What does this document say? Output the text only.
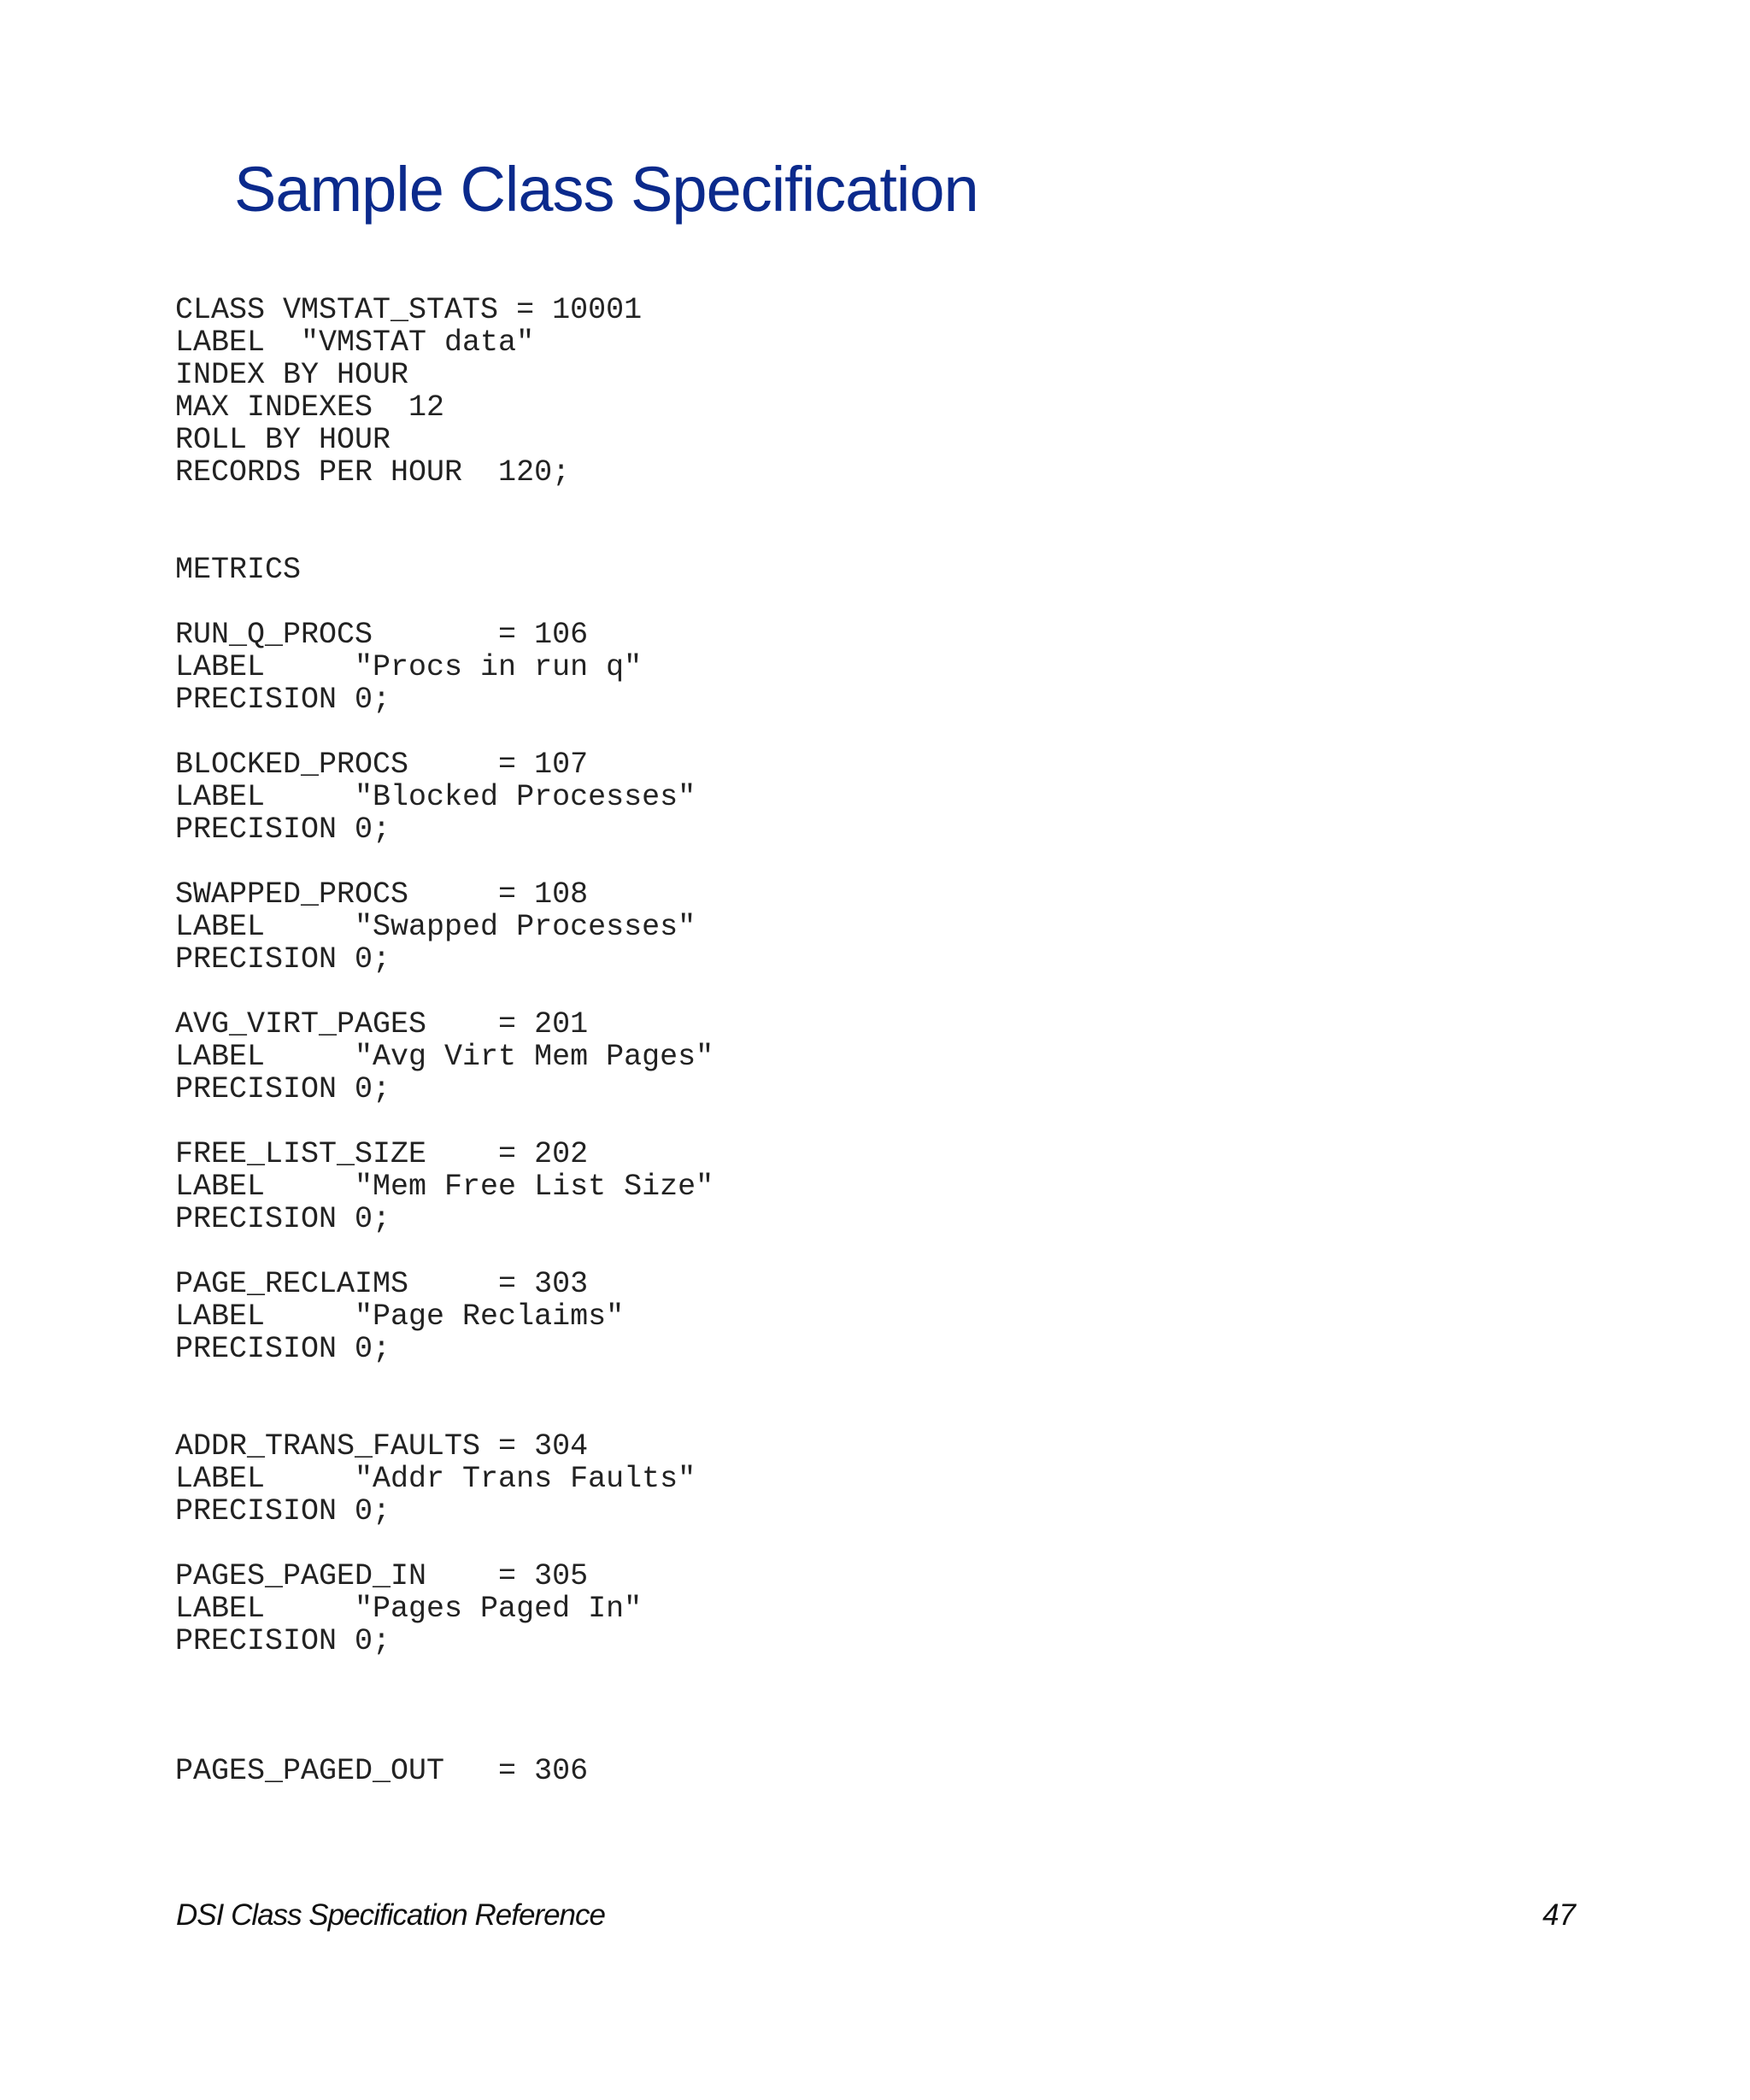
Sample Class Specification
CLASS VMSTAT_STATS = 10001
LABEL  "VMSTAT data"
INDEX BY HOUR
MAX INDEXES  12
ROLL BY HOUR
RECORDS PER HOUR  120;
METRICS
RUN_Q_PROCS       = 106
LABEL     "Procs in run q"
PRECISION 0;
BLOCKED_PROCS     = 107
LABEL     "Blocked Processes"
PRECISION 0;
SWAPPED_PROCS     = 108
LABEL     "Swapped Processes"
PRECISION 0;
AVG_VIRT_PAGES    = 201
LABEL     "Avg Virt Mem Pages"
PRECISION 0;
FREE_LIST_SIZE    = 202
LABEL     "Mem Free List Size"
PRECISION 0;
PAGE_RECLAIMS     = 303
LABEL     "Page Reclaims"
PRECISION 0;
ADDR_TRANS_FAULTS = 304
LABEL     "Addr Trans Faults"
PRECISION 0;
PAGES_PAGED_IN    = 305
LABEL     "Pages Paged In"
PRECISION 0;
PAGES_PAGED_OUT   = 306
DSI Class Specification Reference	47
